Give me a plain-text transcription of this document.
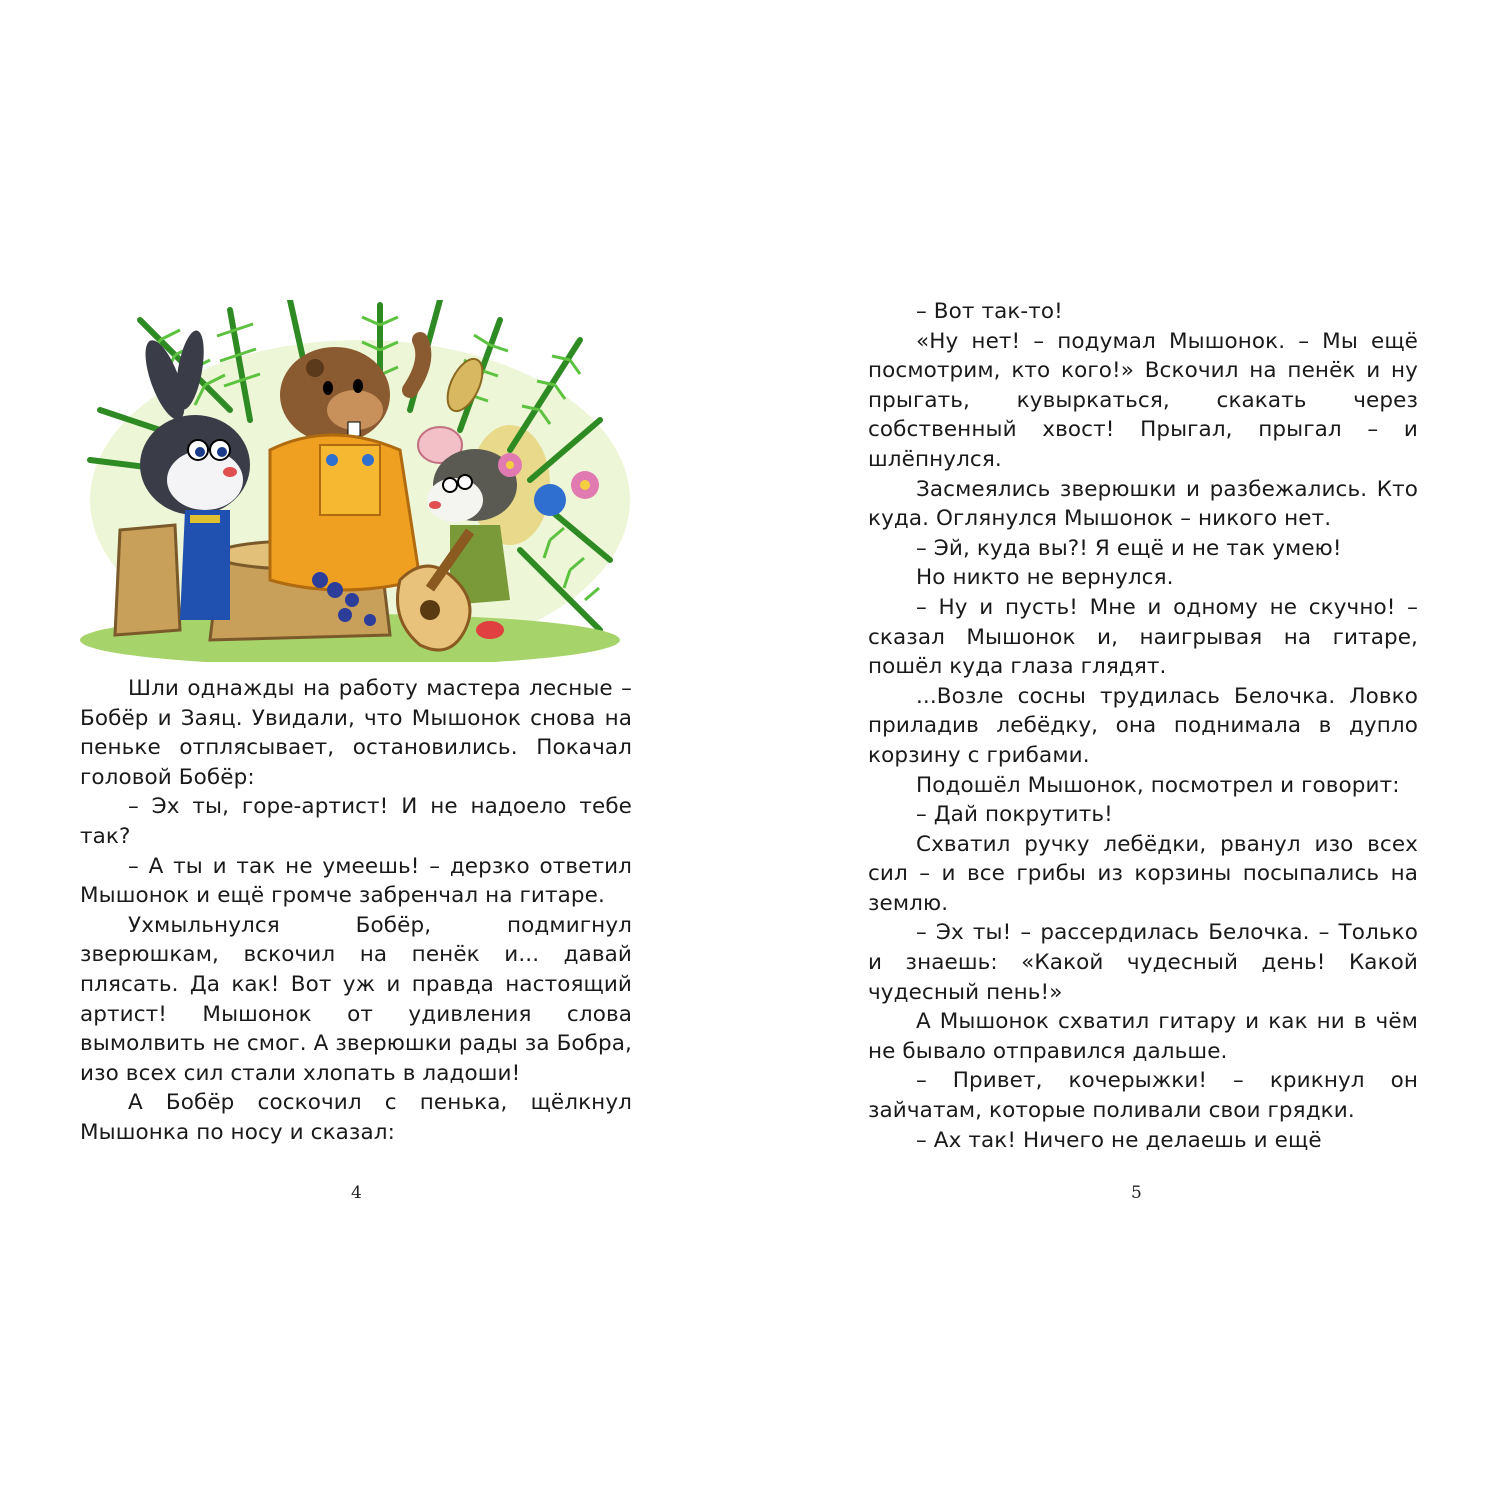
Шли однажды на работу мастера лесные – Бобёр и Заяц. Увидали, что Мышонок снова на пеньке отплясывает, остановились. Покачал головой Бобёр:

– Эх ты, горе-артист! И не надоело тебе так?

– А ты и так не умеешь! – дерзко ответил Мышонок и ещё громче забренчал на гитаре.

Ухмыльнулся Бобёр, подмигнул зверюшкам, вскочил на пенёк и... давай плясать. Да как! Вот уж и правда настоящий артист! Мышонок от удивления слова вымолвить не смог. А зверюшки рады за Бобра, изо всех сил стали хлопать в ладоши!

А Бобёр соскочил с пенька, щёлкнул Мышонка по носу и сказал:

– Вот так-то!

«Ну нет! – подумал Мышонок. – Мы ещё посмотрим, кто кого!» Вскочил на пенёк и ну прыгать, кувыркаться, скакать через собственный хвост! Прыгал, прыгал – и шлёпнулся.

Засмеялись зверюшки и разбежались. Кто куда. Оглянулся Мышонок – никого нет.

– Эй, куда вы?! Я ещё и не так умею!

Но никто не вернулся.

– Ну и пусть! Мне и одному не скучно! – сказал Мышонок и, наигрывая на гитаре, пошёл куда глаза глядят.

...Возле сосны трудилась Белочка. Ловко приладив лебёдку, она поднимала в дупло корзину с грибами.

Подошёл Мышонок, посмотрел и говорит:

– Дай покрутить!

Схватил ручку лебёдки, рванул изо всех сил – и все грибы из корзины посыпались на землю.

– Эх ты! – рассердилась Белочка. – Только и знаешь: «Какой чудесный день! Какой чудесный пень!»

А Мышонок схватил гитару и как ни в чём не бывало отправился дальше.

– Привет, кочерыжки! – крикнул он зайчатам, которые поливали свои грядки.

– Ах так! Ничего не делаешь и ещё

4	5
